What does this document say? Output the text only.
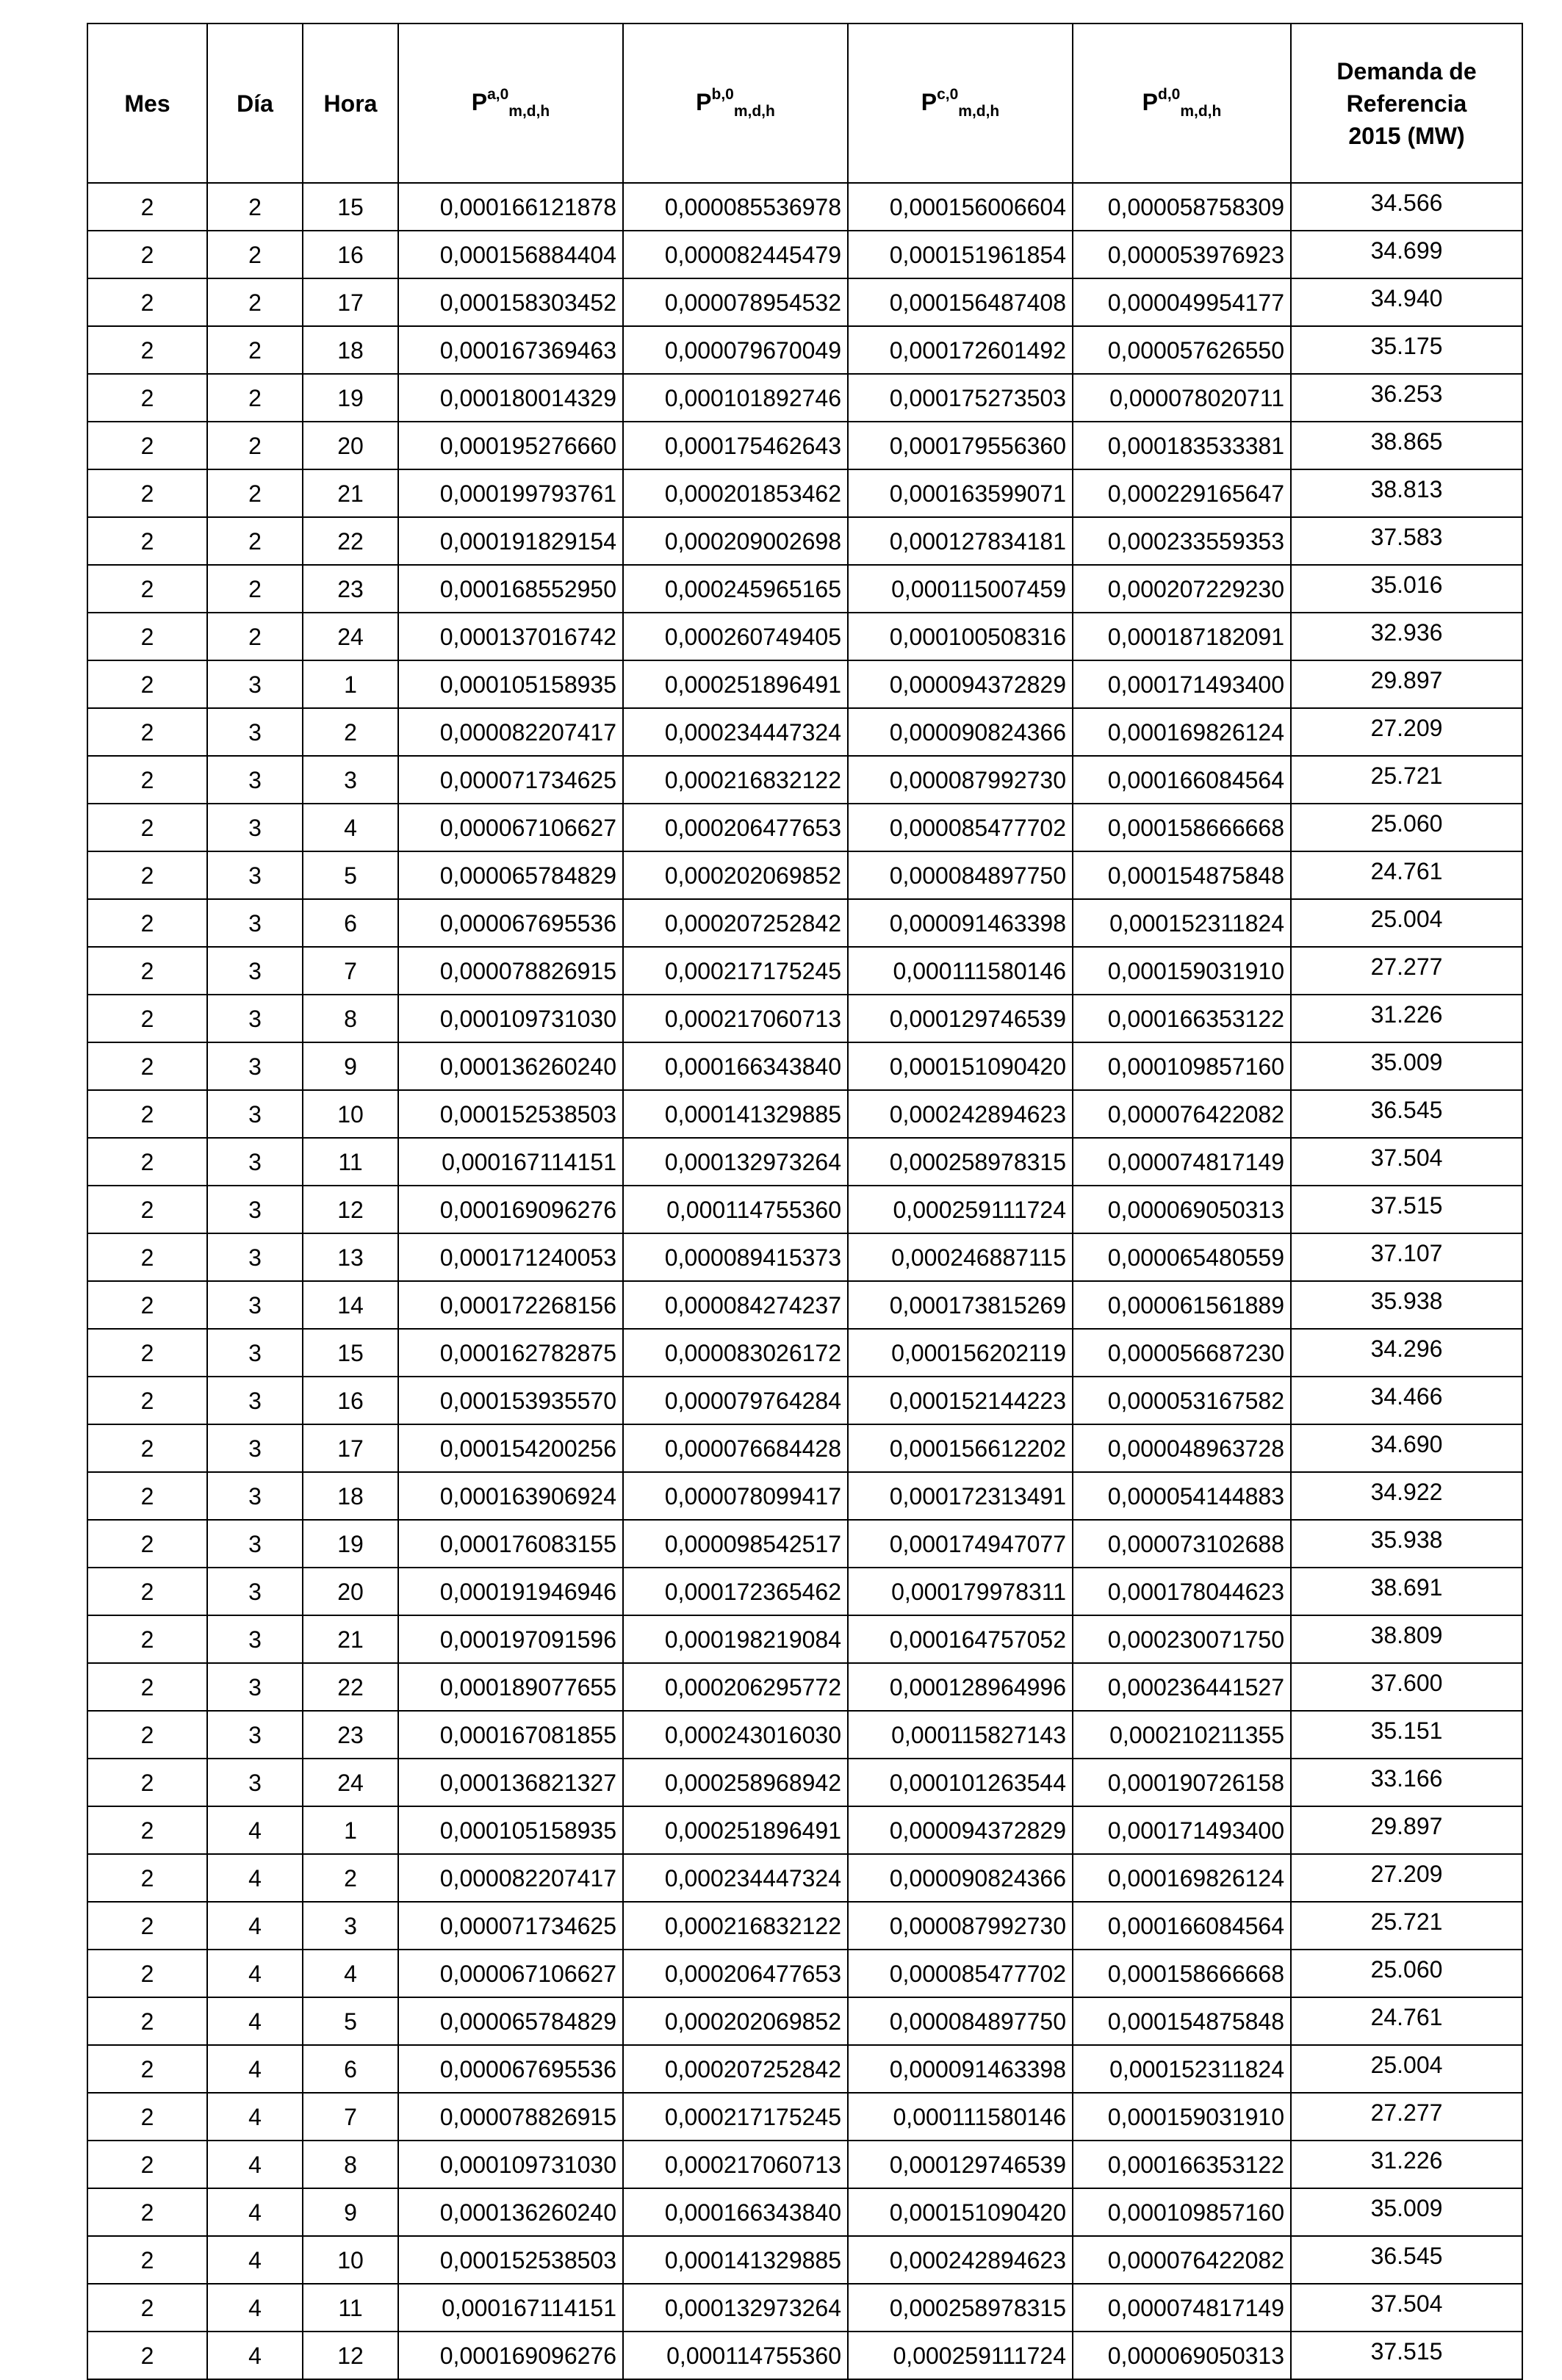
Mes	Día	Hora	P$^{a,0}_{m,d,h}$	P$^{b,0}_{m,d,h}$	P$^{c,0}_{m,d,h}$	P$^{d,0}_{m,d,h}$	Demanda de
Referencia
2015 (MW)

2	2	15	0,000166121878	0,000085536978	0,000156006604	0,000058758309	34.566
2	2	16	0,000156884404	0,000082445479	0,000151961854	0,000053976923	34.699
2	2	17	0,000158303452	0,000078954532	0,000156487408	0,000049954177	34.940
2	2	18	0,000167369463	0,000079670049	0,000172601492	0,000057626550	35.175
2	2	19	0,000180014329	0,000101892746	0,000175273503	0,000078020711	36.253
2	2	20	0,000195276660	0,000175462643	0,000179556360	0,000183533381	38.865
2	2	21	0,000199793761	0,000201853462	0,000163599071	0,000229165647	38.813
2	2	22	0,000191829154	0,000209002698	0,000127834181	0,000233559353	37.583
2	2	23	0,000168552950	0,000245965165	0,000115007459	0,000207229230	35.016
2	2	24	0,000137016742	0,000260749405	0,000100508316	0,000187182091	32.936
2	3	1	0,000105158935	0,000251896491	0,000094372829	0,000171493400	29.897
2	3	2	0,000082207417	0,000234447324	0,000090824366	0,000169826124	27.209
2	3	3	0,000071734625	0,000216832122	0,000087992730	0,000166084564	25.721
2	3	4	0,000067106627	0,000206477653	0,000085477702	0,000158666668	25.060
2	3	5	0,000065784829	0,000202069852	0,000084897750	0,000154875848	24.761
2	3	6	0,000067695536	0,000207252842	0,000091463398	0,000152311824	25.004
2	3	7	0,000078826915	0,000217175245	0,000111580146	0,000159031910	27.277
2	3	8	0,000109731030	0,000217060713	0,000129746539	0,000166353122	31.226
2	3	9	0,000136260240	0,000166343840	0,000151090420	0,000109857160	35.009
2	3	10	0,000152538503	0,000141329885	0,000242894623	0,000076422082	36.545
2	3	11	0,000167114151	0,000132973264	0,000258978315	0,000074817149	37.504
2	3	12	0,000169096276	0,000114755360	0,000259111724	0,000069050313	37.515
2	3	13	0,000171240053	0,000089415373	0,000246887115	0,000065480559	37.107
2	3	14	0,000172268156	0,000084274237	0,000173815269	0,000061561889	35.938
2	3	15	0,000162782875	0,000083026172	0,000156202119	0,000056687230	34.296
2	3	16	0,000153935570	0,000079764284	0,000152144223	0,000053167582	34.466
2	3	17	0,000154200256	0,000076684428	0,000156612202	0,000048963728	34.690
2	3	18	0,000163906924	0,000078099417	0,000172313491	0,000054144883	34.922
2	3	19	0,000176083155	0,000098542517	0,000174947077	0,000073102688	35.938
2	3	20	0,000191946946	0,000172365462	0,000179978311	0,000178044623	38.691
2	3	21	0,000197091596	0,000198219084	0,000164757052	0,000230071750	38.809
2	3	22	0,000189077655	0,000206295772	0,000128964996	0,000236441527	37.600
2	3	23	0,000167081855	0,000243016030	0,000115827143	0,000210211355	35.151
2	3	24	0,000136821327	0,000258968942	0,000101263544	0,000190726158	33.166
2	4	1	0,000105158935	0,000251896491	0,000094372829	0,000171493400	29.897
2	4	2	0,000082207417	0,000234447324	0,000090824366	0,000169826124	27.209
2	4	3	0,000071734625	0,000216832122	0,000087992730	0,000166084564	25.721
2	4	4	0,000067106627	0,000206477653	0,000085477702	0,000158666668	25.060
2	4	5	0,000065784829	0,000202069852	0,000084897750	0,000154875848	24.761
2	4	6	0,000067695536	0,000207252842	0,000091463398	0,000152311824	25.004
2	4	7	0,000078826915	0,000217175245	0,000111580146	0,000159031910	27.277
2	4	8	0,000109731030	0,000217060713	0,000129746539	0,000166353122	31.226
2	4	9	0,000136260240	0,000166343840	0,000151090420	0,000109857160	35.009
2	4	10	0,000152538503	0,000141329885	0,000242894623	0,000076422082	36.545
2	4	11	0,000167114151	0,000132973264	0,000258978315	0,000074817149	37.504
2	4	12	0,000169096276	0,000114755360	0,000259111724	0,000069050313	37.515
